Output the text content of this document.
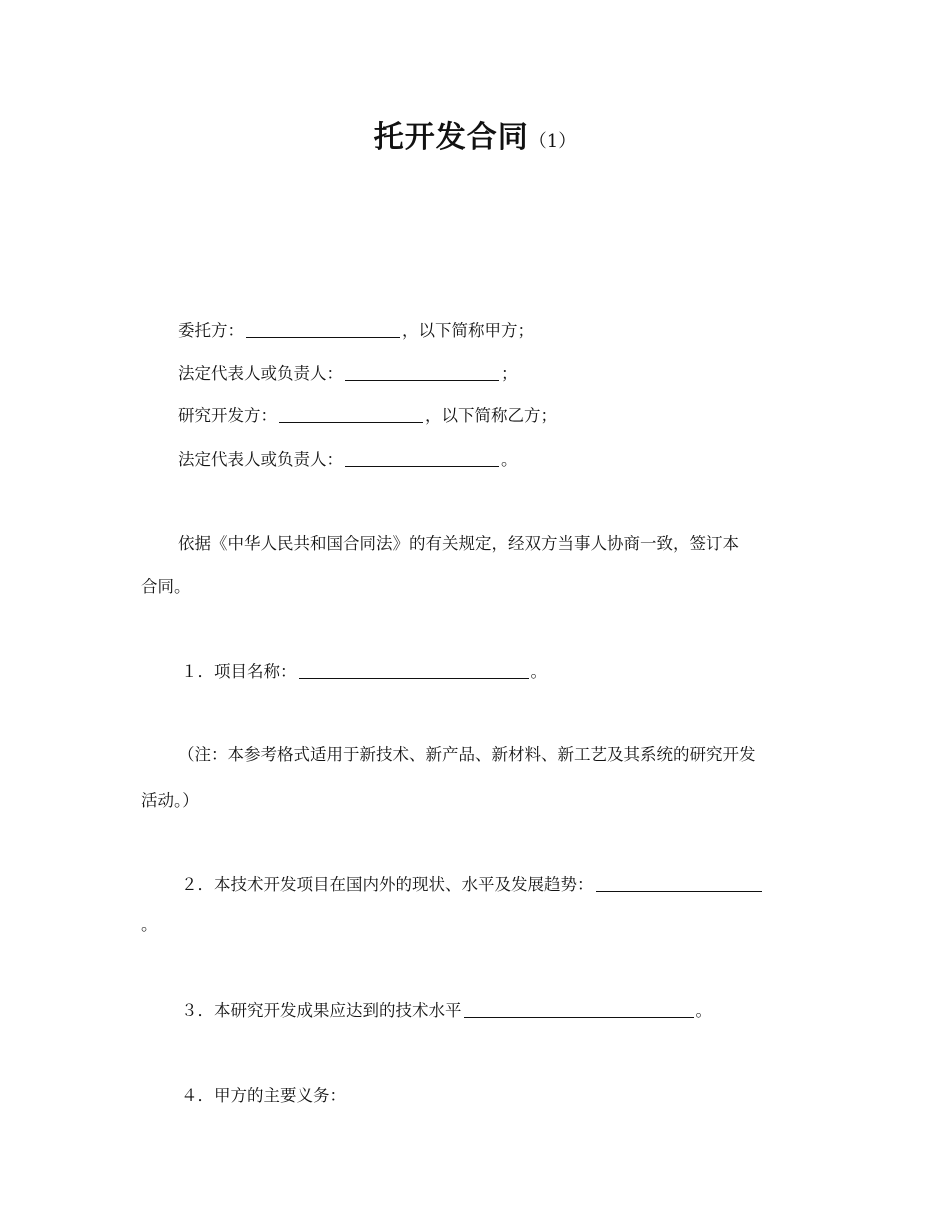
托开发合同（1）
委托方：	，以下简称甲方；
法定代表人或负责人：	；
研究开发方：	，以下简称乙方；
法定代表人或负责人：	。
依据《中华人民共和国合同法》的有关规定，经双方当事人协商一致，签订本
合同。
１．项目名称：	。
（注：本参考格式适用于新技术、新产品、新材料、新工艺及其系统的研究开发
活动。）
２．本技术开发项目在国内外的现状、水平及发展趋势：
。
３．本研究开发成果应达到的技术水平	。
４．甲方的主要义务：
